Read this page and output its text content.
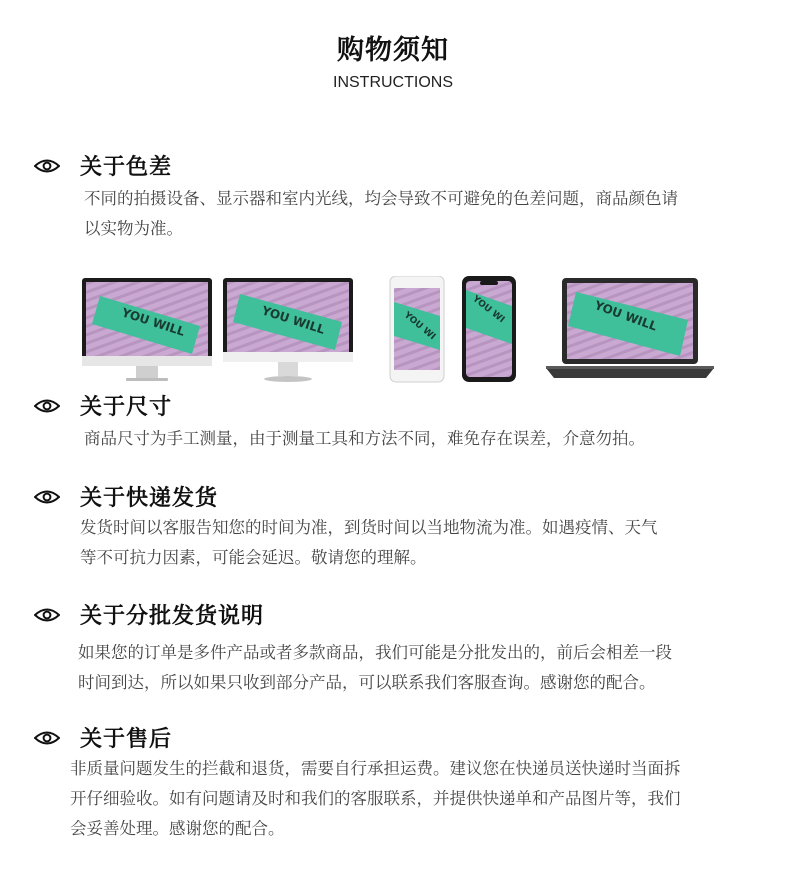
购物须知
INSTRUCTIONS
关于色差
不同的拍摄设备、显示器和室内光线，均会导致不可避免的色差问题，商品颜色请
以实物为准。
YOU WILL	YOU WILL	YOU WI
YOU WI	YOU WILL
关于尺寸
商品尺寸为手工测量，由于测量工具和方法不同，难免存在误差，介意勿拍。
关于快递发货
发货时间以客服告知您的时间为准，到货时间以当地物流为准。如遇疫情、天气
等不可抗力因素，可能会延迟。敬请您的理解。
关于分批发货说明
如果您的订单是多件产品或者多款商品，我们可能是分批发出的，前后会相差一段
时间到达，所以如果只收到部分产品，可以联系我们客服查询。感谢您的配合。
关于售后
非质量问题发生的拦截和退货，需要自行承担运费。建议您在快递员送快递时当面拆
开仔细验收。如有问题请及时和我们的客服联系，并提供快递单和产品图片等，我们
会妥善处理。感谢您的配合。
